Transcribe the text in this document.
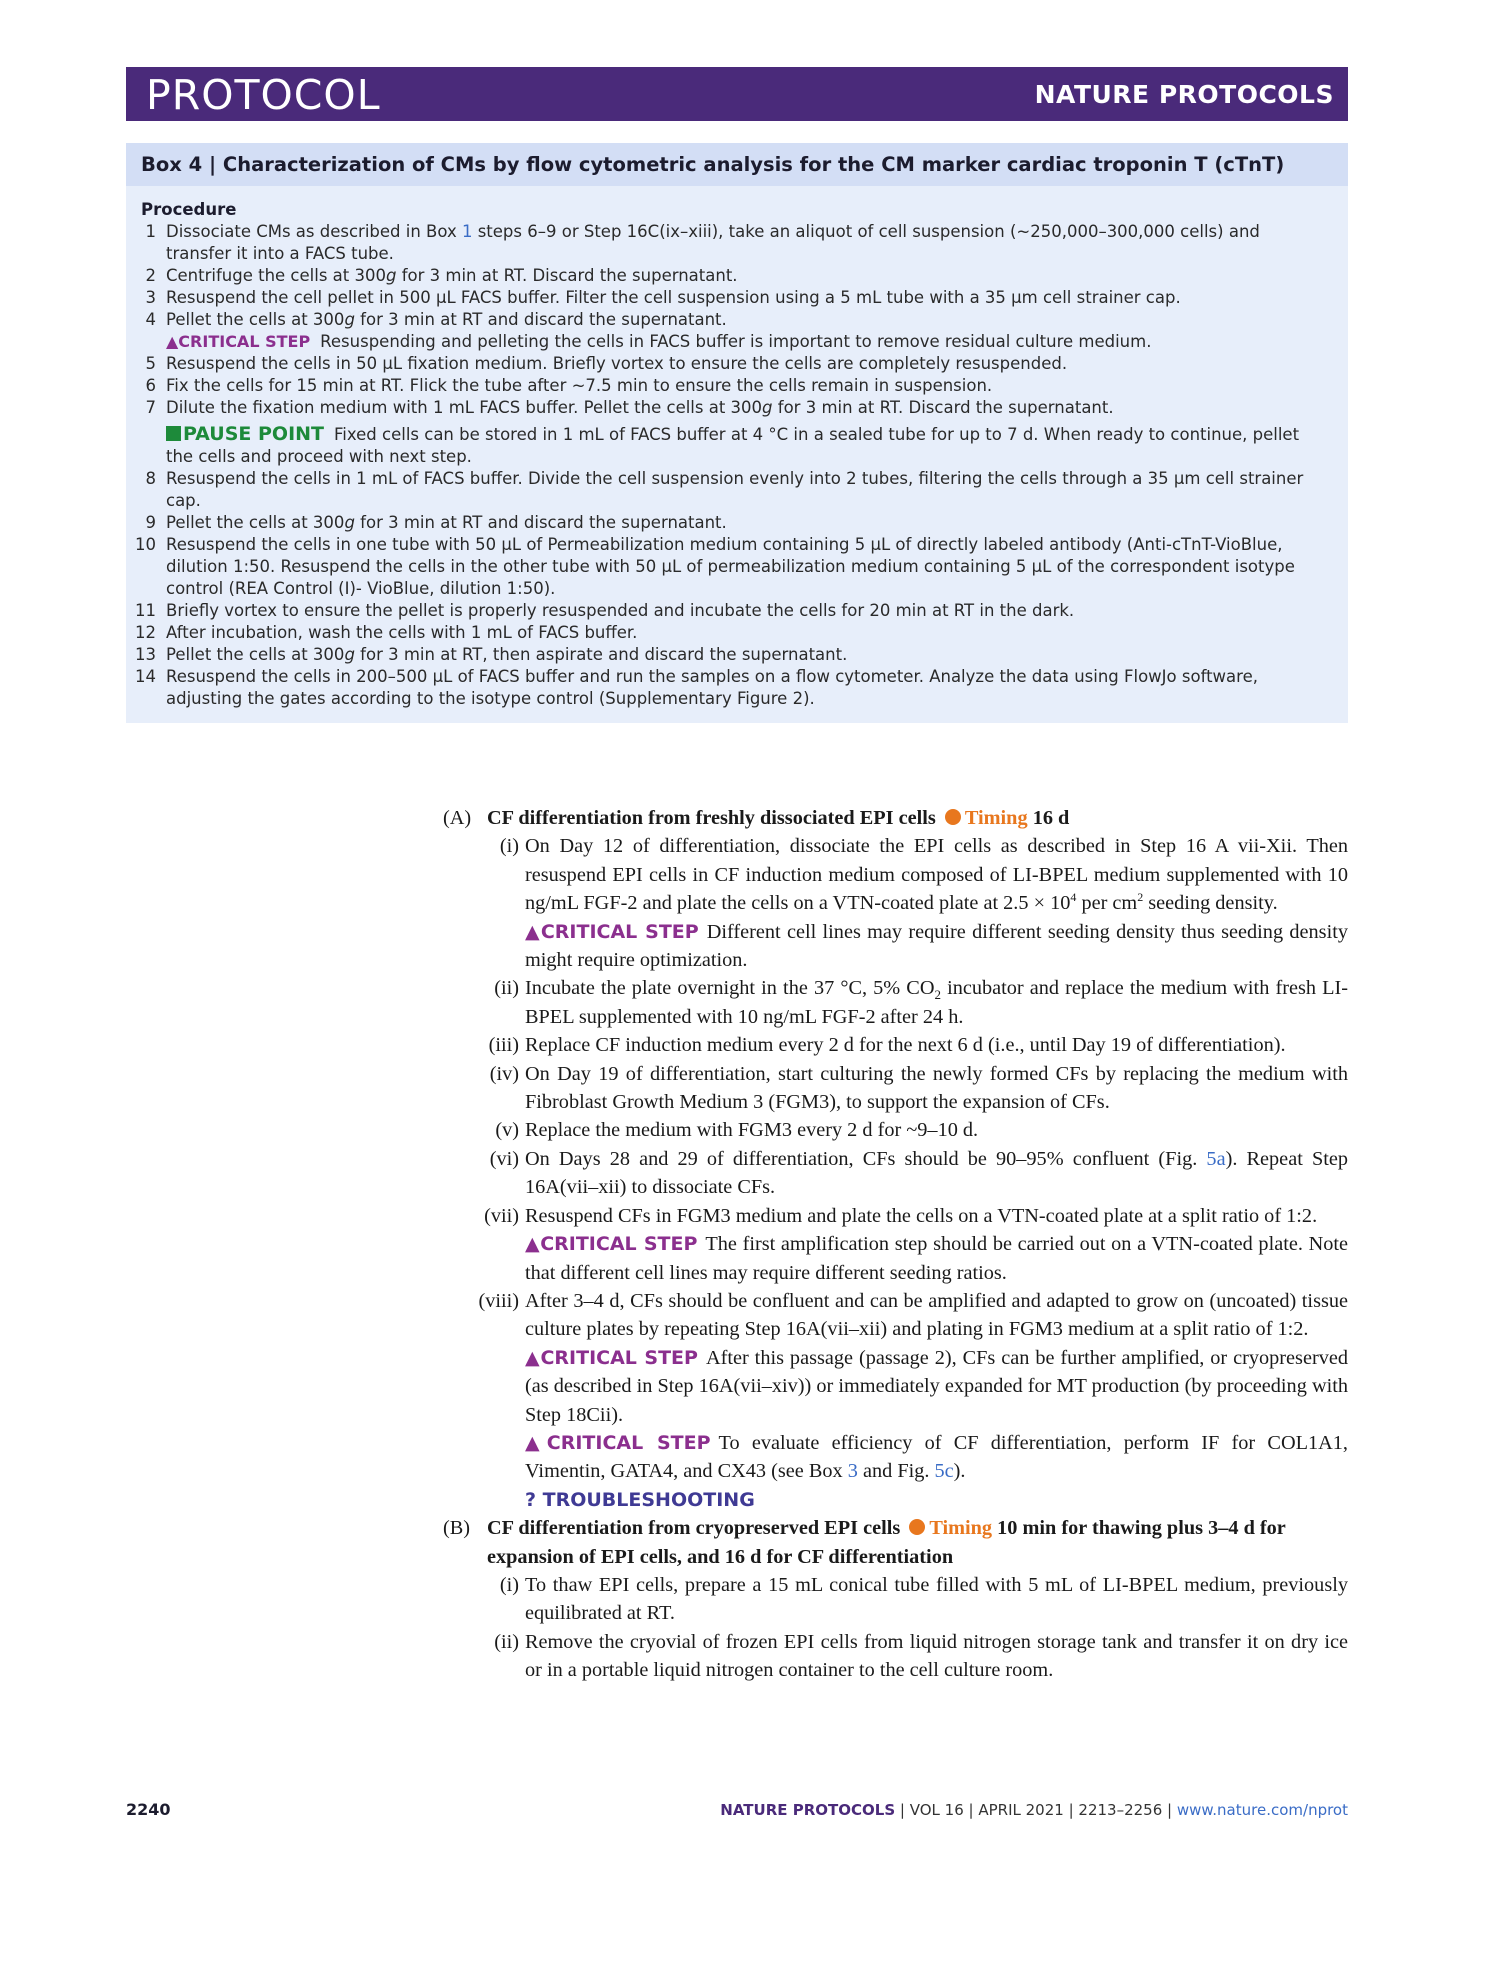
PROTOCOL	NATURE PROTOCOLS
Box 4 | Characterization of CMs by flow cytometric analysis for the CM marker cardiac troponin T (cTnT)
Procedure
1 Dissociate CMs as described in Box 1 steps 6–9 or Step 16C(ix–xiii), take an aliquot of cell suspension (~250,000–300,000 cells) and transfer it into a FACS tube.
2 Centrifuge the cells at 300g for 3 min at RT. Discard the supernatant.
3 Resuspend the cell pellet in 500 µL FACS buffer. Filter the cell suspension using a 5 mL tube with a 35 µm cell strainer cap.
4 Pellet the cells at 300g for 3 min at RT and discard the supernatant.
▲CRITICAL STEP Resuspending and pelleting the cells in FACS buffer is important to remove residual culture medium.
5 Resuspend the cells in 50 µL fixation medium. Briefly vortex to ensure the cells are completely resuspended.
6 Fix the cells for 15 min at RT. Flick the tube after ~7.5 min to ensure the cells remain in suspension.
7 Dilute the fixation medium with 1 mL FACS buffer. Pellet the cells at 300g for 3 min at RT. Discard the supernatant.
PAUSE POINT Fixed cells can be stored in 1 mL of FACS buffer at 4 °C in a sealed tube for up to 7 d. When ready to continue, pellet the cells and proceed with next step.
8 Resuspend the cells in 1 mL of FACS buffer. Divide the cell suspension evenly into 2 tubes, filtering the cells through a 35 µm cell strainer cap.
9 Pellet the cells at 300g for 3 min at RT and discard the supernatant.
10 Resuspend the cells in one tube with 50 µL of Permeabilization medium containing 5 µL of directly labeled antibody (Anti-cTnT-VioBlue, dilution 1:50. Resuspend the cells in the other tube with 50 µL of permeabilization medium containing 5 µL of the correspondent isotype control (REA Control (I)- VioBlue, dilution 1:50).
11 Briefly vortex to ensure the pellet is properly resuspended and incubate the cells for 20 min at RT in the dark.
12 After incubation, wash the cells with 1 mL of FACS buffer.
13 Pellet the cells at 300g for 3 min at RT, then aspirate and discard the supernatant.
14 Resuspend the cells in 200–500 µL of FACS buffer and run the samples on a flow cytometer. Analyze the data using FlowJo software, adjusting the gates according to the isotype control (Supplementary Figure 2).
(A) CF differentiation from freshly dissociated EPI cells Timing 16 d
(i) On Day 12 of differentiation, dissociate the EPI cells as described in Step 16 A vii-Xii. Then resuspend EPI cells in CF induction medium composed of LI-BPEL medium supplemented with 10 ng/mL FGF-2 and plate the cells on a VTN-coated plate at $2.5 \times 10^4$ per $cm^2$ seeding density.
▲CRITICAL STEP Different cell lines may require different seeding density thus seeding density might require optimization.
(ii) Incubate the plate overnight in the 37 °C, 5% $CO_2$ incubator and replace the medium with fresh LI-BPEL supplemented with 10 ng/mL FGF-2 after 24 h.
(iii) Replace CF induction medium every 2 d for the next 6 d (i.e., until Day 19 of differentiation).
(iv) On Day 19 of differentiation, start culturing the newly formed CFs by replacing the medium with Fibroblast Growth Medium 3 (FGM3), to support the expansion of CFs.
(v) Replace the medium with FGM3 every 2 d for ~9–10 d.
(vi) On Days 28 and 29 of differentiation, CFs should be 90–95% confluent (Fig. 5a). Repeat Step 16A(vii–xii) to dissociate CFs.
(vii) Resuspend CFs in FGM3 medium and plate the cells on a VTN-coated plate at a split ratio of 1:2.
▲CRITICAL STEP The first amplification step should be carried out on a VTN-coated plate. Note that different cell lines may require different seeding ratios.
(viii) After 3–4 d, CFs should be confluent and can be amplified and adapted to grow on (uncoated) tissue culture plates by repeating Step 16A(vii–xii) and plating in FGM3 medium at a split ratio of 1:2.
▲CRITICAL STEP After this passage (passage 2), CFs can be further amplified, or cryopreserved (as described in Step 16A(vii–xiv)) or immediately expanded for MT production (by proceeding with Step 18Cii).
▲CRITICAL STEP To evaluate efficiency of CF differentiation, perform IF for COL1A1, Vimentin, GATA4, and CX43 (see Box 3 and Fig. 5c).
? TROUBLESHOOTING
(B) CF differentiation from cryopreserved EPI cells Timing 10 min for thawing plus 3–4 d for expansion of EPI cells, and 16 d for CF differentiation
(i) To thaw EPI cells, prepare a 15 mL conical tube filled with 5 mL of LI-BPEL medium, previously equilibrated at RT.
(ii) Remove the cryovial of frozen EPI cells from liquid nitrogen storage tank and transfer it on dry ice or in a portable liquid nitrogen container to the cell culture room.
2240	NATURE PROTOCOLS | VOL 16 | APRIL 2021 | 2213–2256 | www.nature.com/nprot
